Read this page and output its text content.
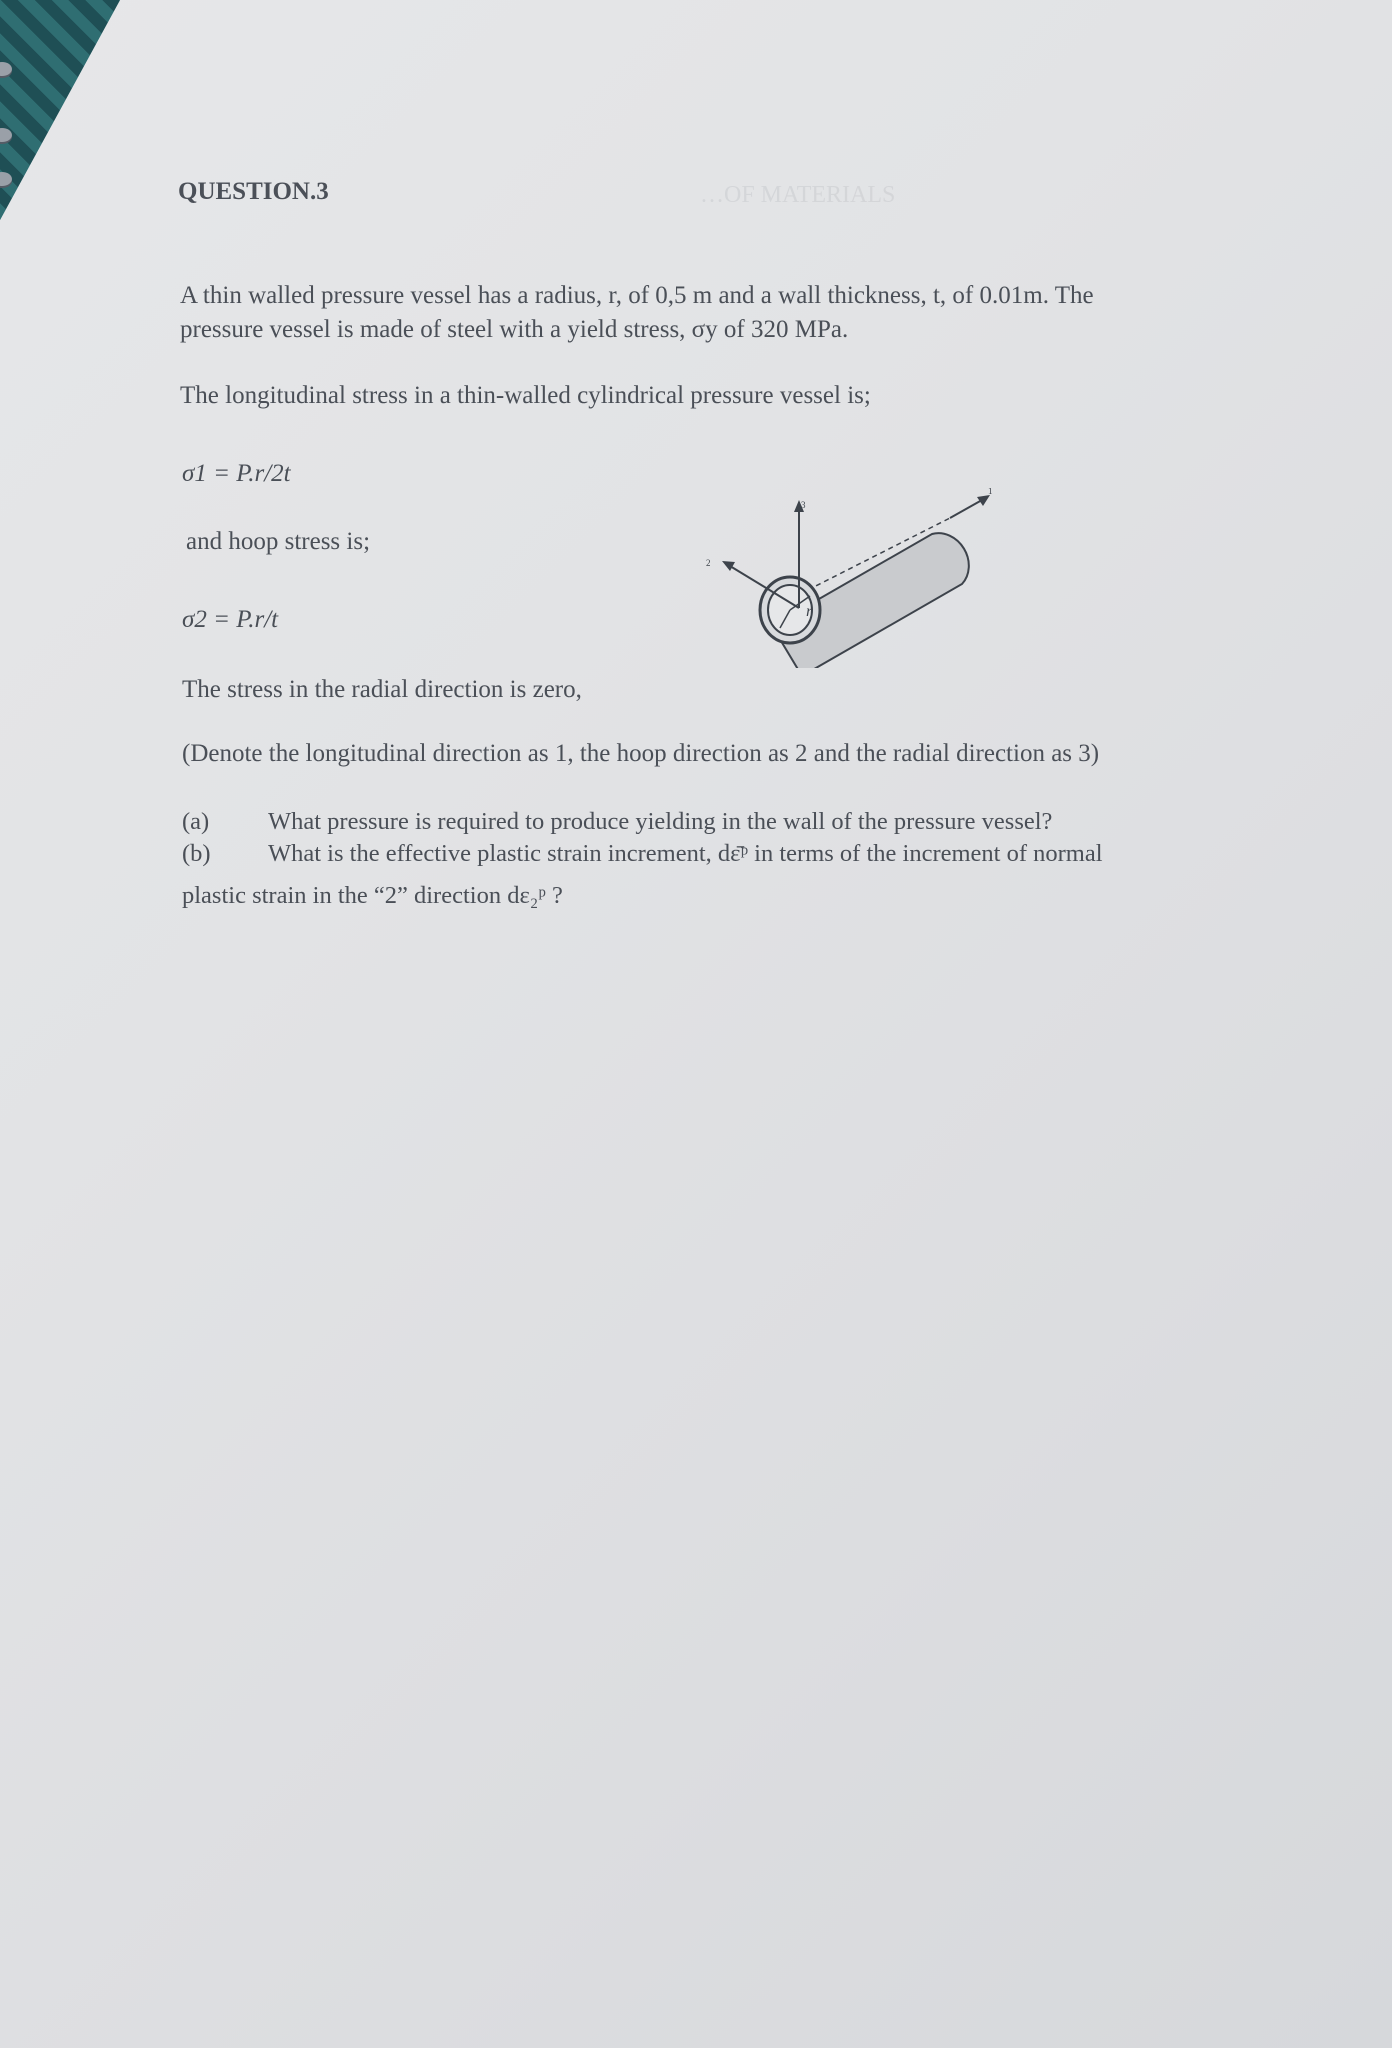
…OF MATERIALS
QUESTION.3
A thin walled pressure vessel has a radius, r, of 0,5 m and a wall thickness, t, of 0.01m. The
pressure vessel is made of steel with a yield stress, σy of 320 MPa.
The longitudinal stress in a thin-walled cylindrical pressure vessel is;
σ1 = P.r/2t
and hoop stress is;
σ2 = P.r/t
The stress in the radial direction is zero,
(Denote the longitudinal direction as 1, the hoop direction as 2 and the radial direction as 3)
(a) What pressure is required to produce yielding in the wall of the pressure vessel?
(b) What is the effective plastic strain increment, dε̄ᵖ in terms of the increment of normal
plastic strain in the “2” direction dε₂ᵖ ?
3
2
1
r
